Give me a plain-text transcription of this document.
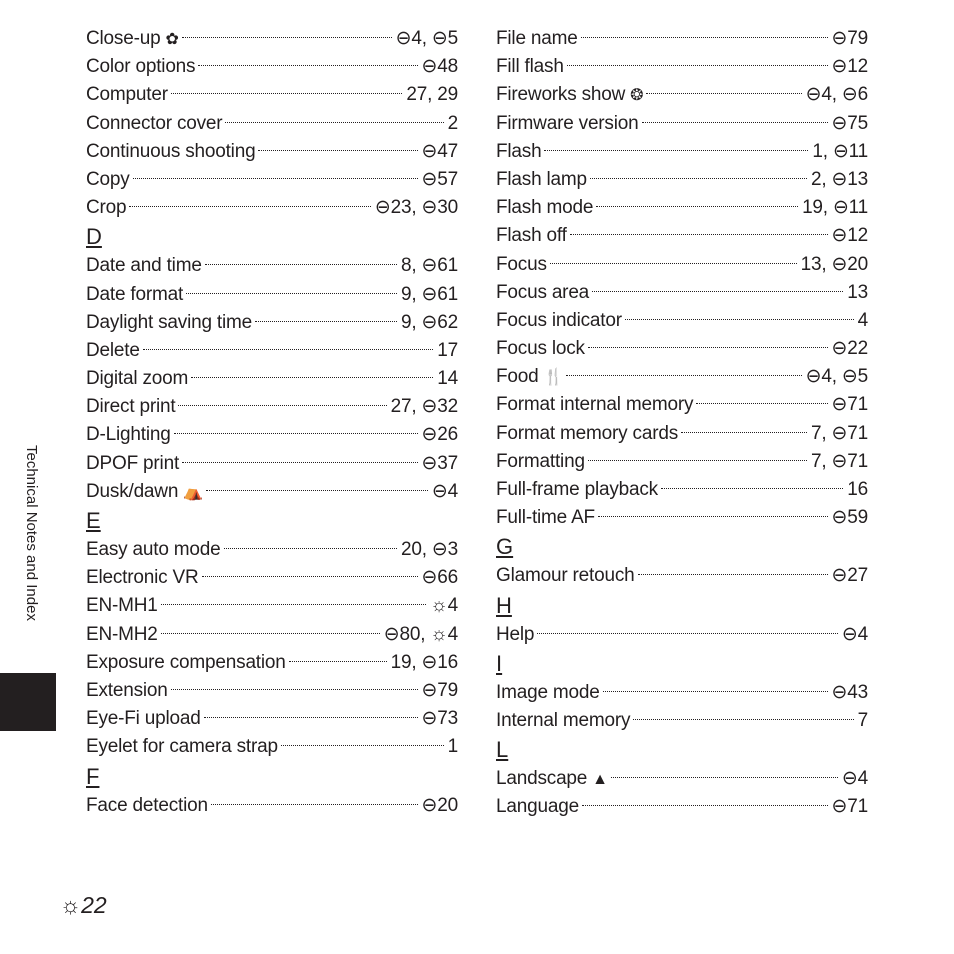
Close-up ✿	⊖4, ⊖5
Color options	⊖48
Computer	27, 29
Connector cover	2
Continuous shooting	⊖47
Copy	⊖57
Crop	⊖23, ⊖30
D
Date and time	8, ⊖61
Date format	9, ⊖61
Daylight saving time	9, ⊖62
Delete	17
Digital zoom	14
Direct print	27, ⊖32
D-Lighting	⊖26
DPOF print	⊖37
Dusk/dawn ⛺	⊖4
E
Easy auto mode	20, ⊖3
Electronic VR	⊖66
EN-MH1	☼4
EN-MH2	⊖80, ☼4
Exposure compensation	19, ⊖16
Extension	⊖79
Eye-Fi upload	⊖73
Eyelet for camera strap	1
F
Face detection	⊖20
File name	⊖79
Fill flash	⊖12
Fireworks show ❂	⊖4, ⊖6
Firmware version	⊖75
Flash	1, ⊖11
Flash lamp	2, ⊖13
Flash mode	19, ⊖11
Flash off	⊖12
Focus	13, ⊖20
Focus area	13
Focus indicator	4
Focus lock	⊖22
Food 🍴	⊖4, ⊖5
Format internal memory	⊖71
Format memory cards	7, ⊖71
Formatting	7, ⊖71
Full-frame playback	16
Full-time AF	⊖59
G
Glamour retouch	⊖27
H
Help	⊖4
I
Image mode	⊖43
Internal memory	7
L
Landscape ▲	⊖4
Language	⊖71
Technical Notes and Index
☼22
